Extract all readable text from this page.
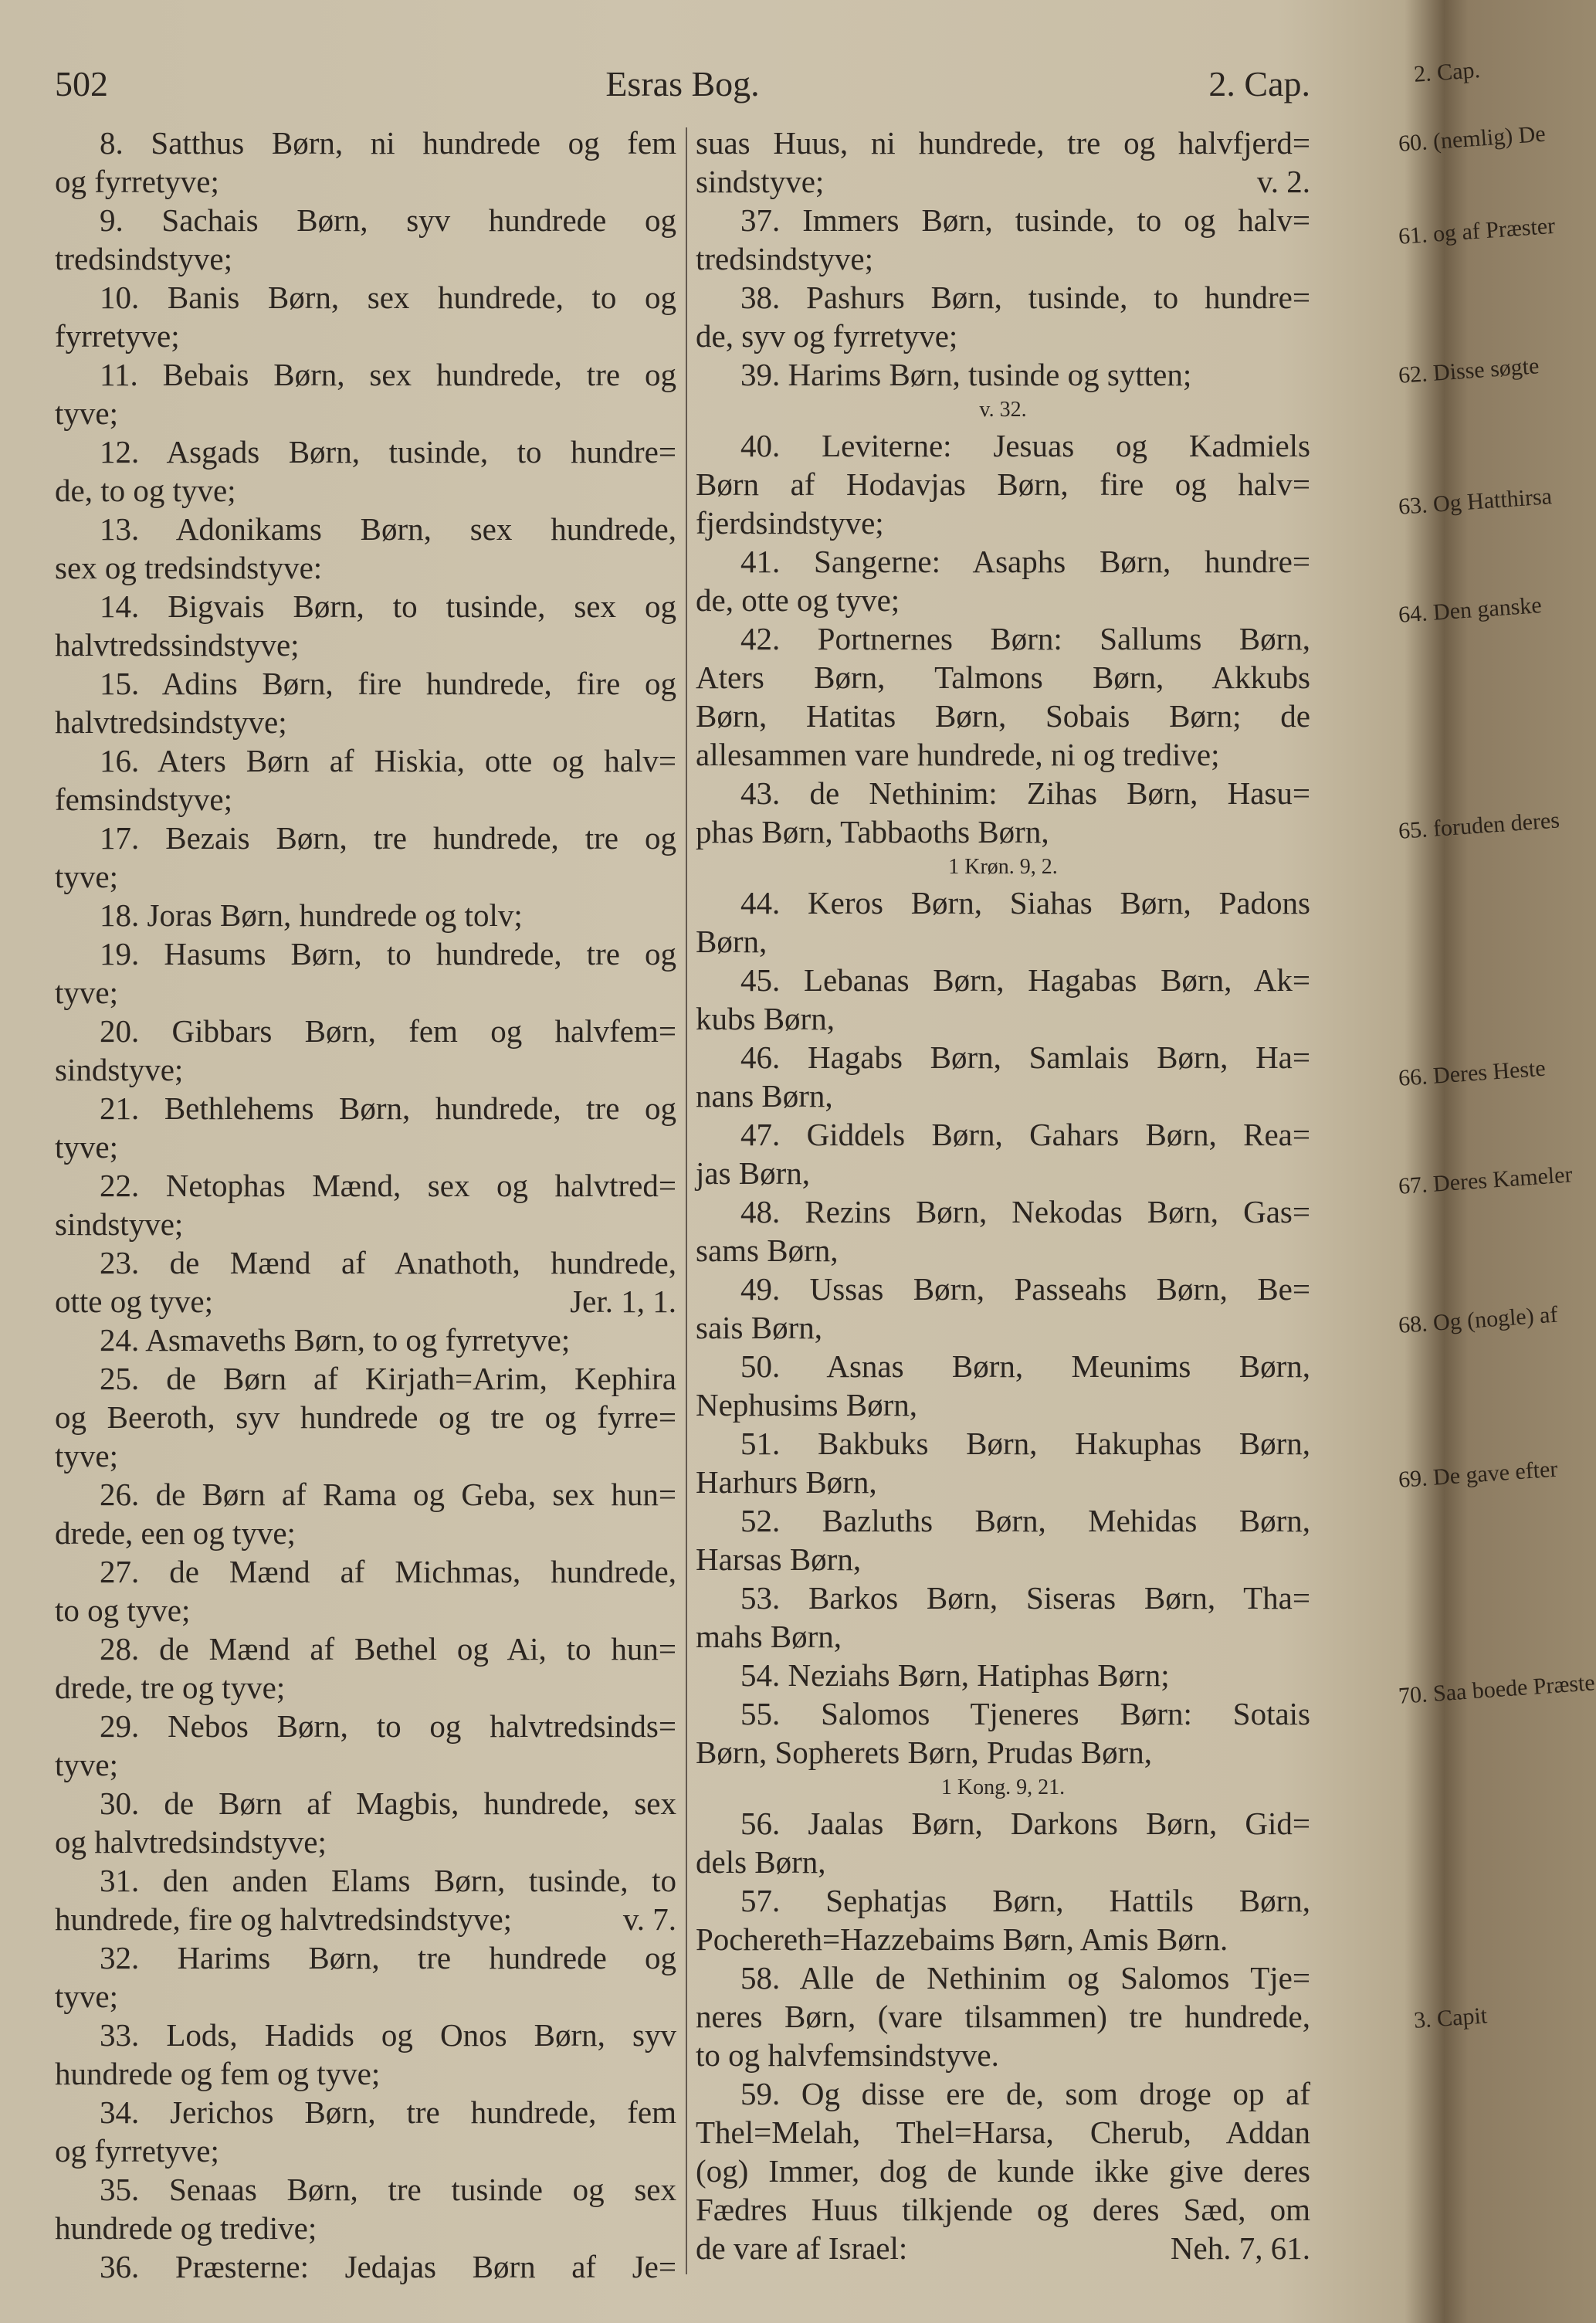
502	Esras Bog.	2. Cap.
8. Satthus Børn, ni hundrede og fem
og fyrretyve;
9. Sachais Børn, syv hundrede og
tredsindstyve;
10. Banis Børn, sex hundrede, to og
fyrretyve;
11. Bebais Børn, sex hundrede, tre og
tyve;
12. Asgads Børn, tusinde, to hundre=
de, to og tyve;
13. Adonikams Børn, sex hundrede,
sex og tredsindstyve:
14. Bigvais Børn, to tusinde, sex og
halvtredssindstyve;
15. Adins Børn, fire hundrede, fire og
halvtredsindstyve;
16. Aters Børn af Hiskia, otte og halv=
femsindstyve;
17. Bezais Børn, tre hundrede, tre og
tyve;
18. Joras Børn, hundrede og tolv;
19. Hasums Børn, to hundrede, tre og
tyve;
20. Gibbars Børn, fem og halvfem=
sindstyve;
21. Bethlehems Børn, hundrede, tre og
tyve;
22. Netophas Mænd, sex og halvtred=
sindstyve;
23. de Mænd af Anathoth, hundrede,
otte og tyve;	Jer. 1, 1.
24. Asmaveths Børn, to og fyrretyve;
25. de Børn af Kirjath=Arim, Kephira
og Beeroth, syv hundrede og tre og fyrre=
tyve;
26. de Børn af Rama og Geba, sex hun=
drede, een og tyve;
27. de Mænd af Michmas, hundrede,
to og tyve;
28. de Mænd af Bethel og Ai, to hun=
drede, tre og tyve;
29. Nebos Børn, to og halvtredsinds=
tyve;
30. de Børn af Magbis, hundrede, sex
og halvtredsindstyve;
31. den anden Elams Børn, tusinde, to
hundrede, fire og halvtredsindstyve;	v. 7.
32. Harims Børn, tre hundrede og
tyve;
33. Lods, Hadids og Onos Børn, syv
hundrede og fem og tyve;
34. Jerichos Børn, tre hundrede, fem
og fyrretyve;
35. Senaas Børn, tre tusinde og sex
hundrede og tredive;
36. Præsterne: Jedajas Børn af Je=
suas Huus, ni hundrede, tre og halvfjerd=
sindstyve;	v. 2.
37. Immers Børn, tusinde, to og halv=
tredsindstyve;
38. Pashurs Børn, tusinde, to hundre=
de, syv og fyrretyve;
39. Harims Børn, tusinde og sytten;
v. 32.
40. Leviterne: Jesuas og Kadmiels
Børn af Hodavjas Børn, fire og halv=
fjerdsindstyve;
41. Sangerne: Asaphs Børn, hundre=
de, otte og tyve;
42. Portnernes Børn: Sallums Børn,
Aters Børn, Talmons Børn, Akkubs
Børn, Hatitas Børn, Sobais Børn; de
allesammen vare hundrede, ni og tredive;
43. de Nethinim: Zihas Børn, Hasu=
phas Børn, Tabbaoths Børn,
1 Krøn. 9, 2.
44. Keros Børn, Siahas Børn, Padons
Børn,
45. Lebanas Børn, Hagabas Børn, Ak=
kubs Børn,
46. Hagabs Børn, Samlais Børn, Ha=
nans Børn,
47. Giddels Børn, Gahars Børn, Rea=
jas Børn,
48. Rezins Børn, Nekodas Børn, Gas=
sams Børn,
49. Ussas Børn, Passeahs Børn, Be=
sais Børn,
50. Asnas Børn, Meunims Børn,
Nephusims Børn,
51. Bakbuks Børn, Hakuphas Børn,
Harhurs Børn,
52. Bazluths Børn, Mehidas Børn,
Harsas Børn,
53. Barkos Børn, Siseras Børn, Tha=
mahs Børn,
54. Neziahs Børn, Hatiphas Børn;
55. Salomos Tjeneres Børn: Sotais
Børn, Sopherets Børn, Prudas Børn,
1 Kong. 9, 21.
56. Jaalas Børn, Darkons Børn, Gid=
dels Børn,
57. Sephatjas Børn, Hattils Børn,
Pochereth=Hazzebaims Børn, Amis Børn.
58. Alle de Nethinim og Salomos Tje=
neres Børn, (vare tilsammen) tre hundrede,
to og halvfemsindstyve.
59. Og disse ere de, som droge op af
Thel=Melah, Thel=Harsa, Cherub, Addan
(og) Immer, dog de kunde ikke give deres
Fædres Huus tilkjende og deres Sæd, om
de vare af Israel:	Neh. 7, 61.
2. Cap.
60. (nemlig) De
61. og af Præster
62. Disse søgte
63. Og Hatthirsa
64. Den ganske
65. foruden deres
66. Deres Heste
67. Deres Kameler
68. Og (nogle) af
69. De gave efter
70. Saa boede Præste
3. Capit
